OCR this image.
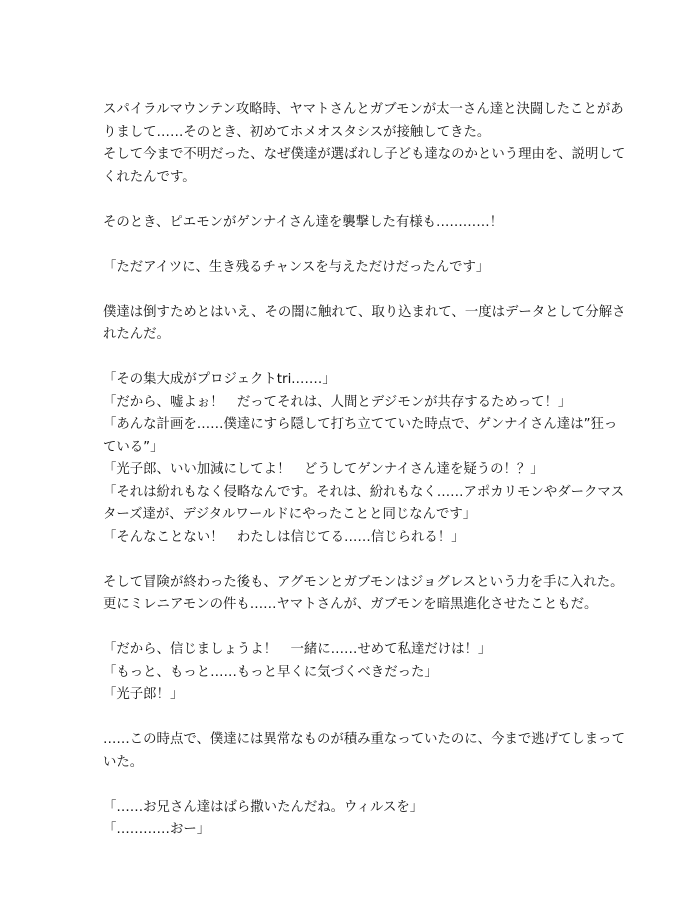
スパイラルマウンテン攻略時、ヤマトさんとガブモンが太一さん達と決闘したことがあ
りまして……そのとき、初めてホメオスタシスが接触してきた。
そして今まで不明だった、なぜ僕達が選ばれし子ども達なのかという理由を、説明して
くれたんです。
そのとき、ピエモンがゲンナイさん達を襲撃した有様も…………！
「ただアイツに、生き残るチャンスを与えただけだったんです」
僕達は倒すためとはいえ、その闇に触れて、取り込まれて、一度はデータとして分解さ
れたんだ。
「その集大成がプロジェクトtri.……」
「だから、嘘よぉ！　だってそれは、人間とデジモンが共存するためって！」
「あんな計画を……僕達にすら隠して打ち立てていた時点で、ゲンナイさん達は”狂っ
ている”」
「光子郎、いい加減にしてよ！　どうしてゲンナイさん達を疑うの！？」
「それは紛れもなく侵略なんです。それは、紛れもなく……アポカリモンやダークマス
ターズ達が、デジタルワールドにやったことと同じなんです」
「そんなことない！　わたしは信じてる……信じられる！」
そして冒険が終わった後も、アグモンとガブモンはジョグレスという力を手に入れた。
更にミレニアモンの件も……ヤマトさんが、ガブモンを暗黒進化させたこともだ。
「だから、信じましょうよ！　一緒に……せめて私達だけは！」
「もっと、もっと……もっと早くに気づくべきだった」
「光子郎！」
……この時点で、僕達には異常なものが積み重なっていたのに、今まで逃げてしまって
いた。
「……お兄さん達はばら撒いたんだね。ウィルスを」
「…………おー」
